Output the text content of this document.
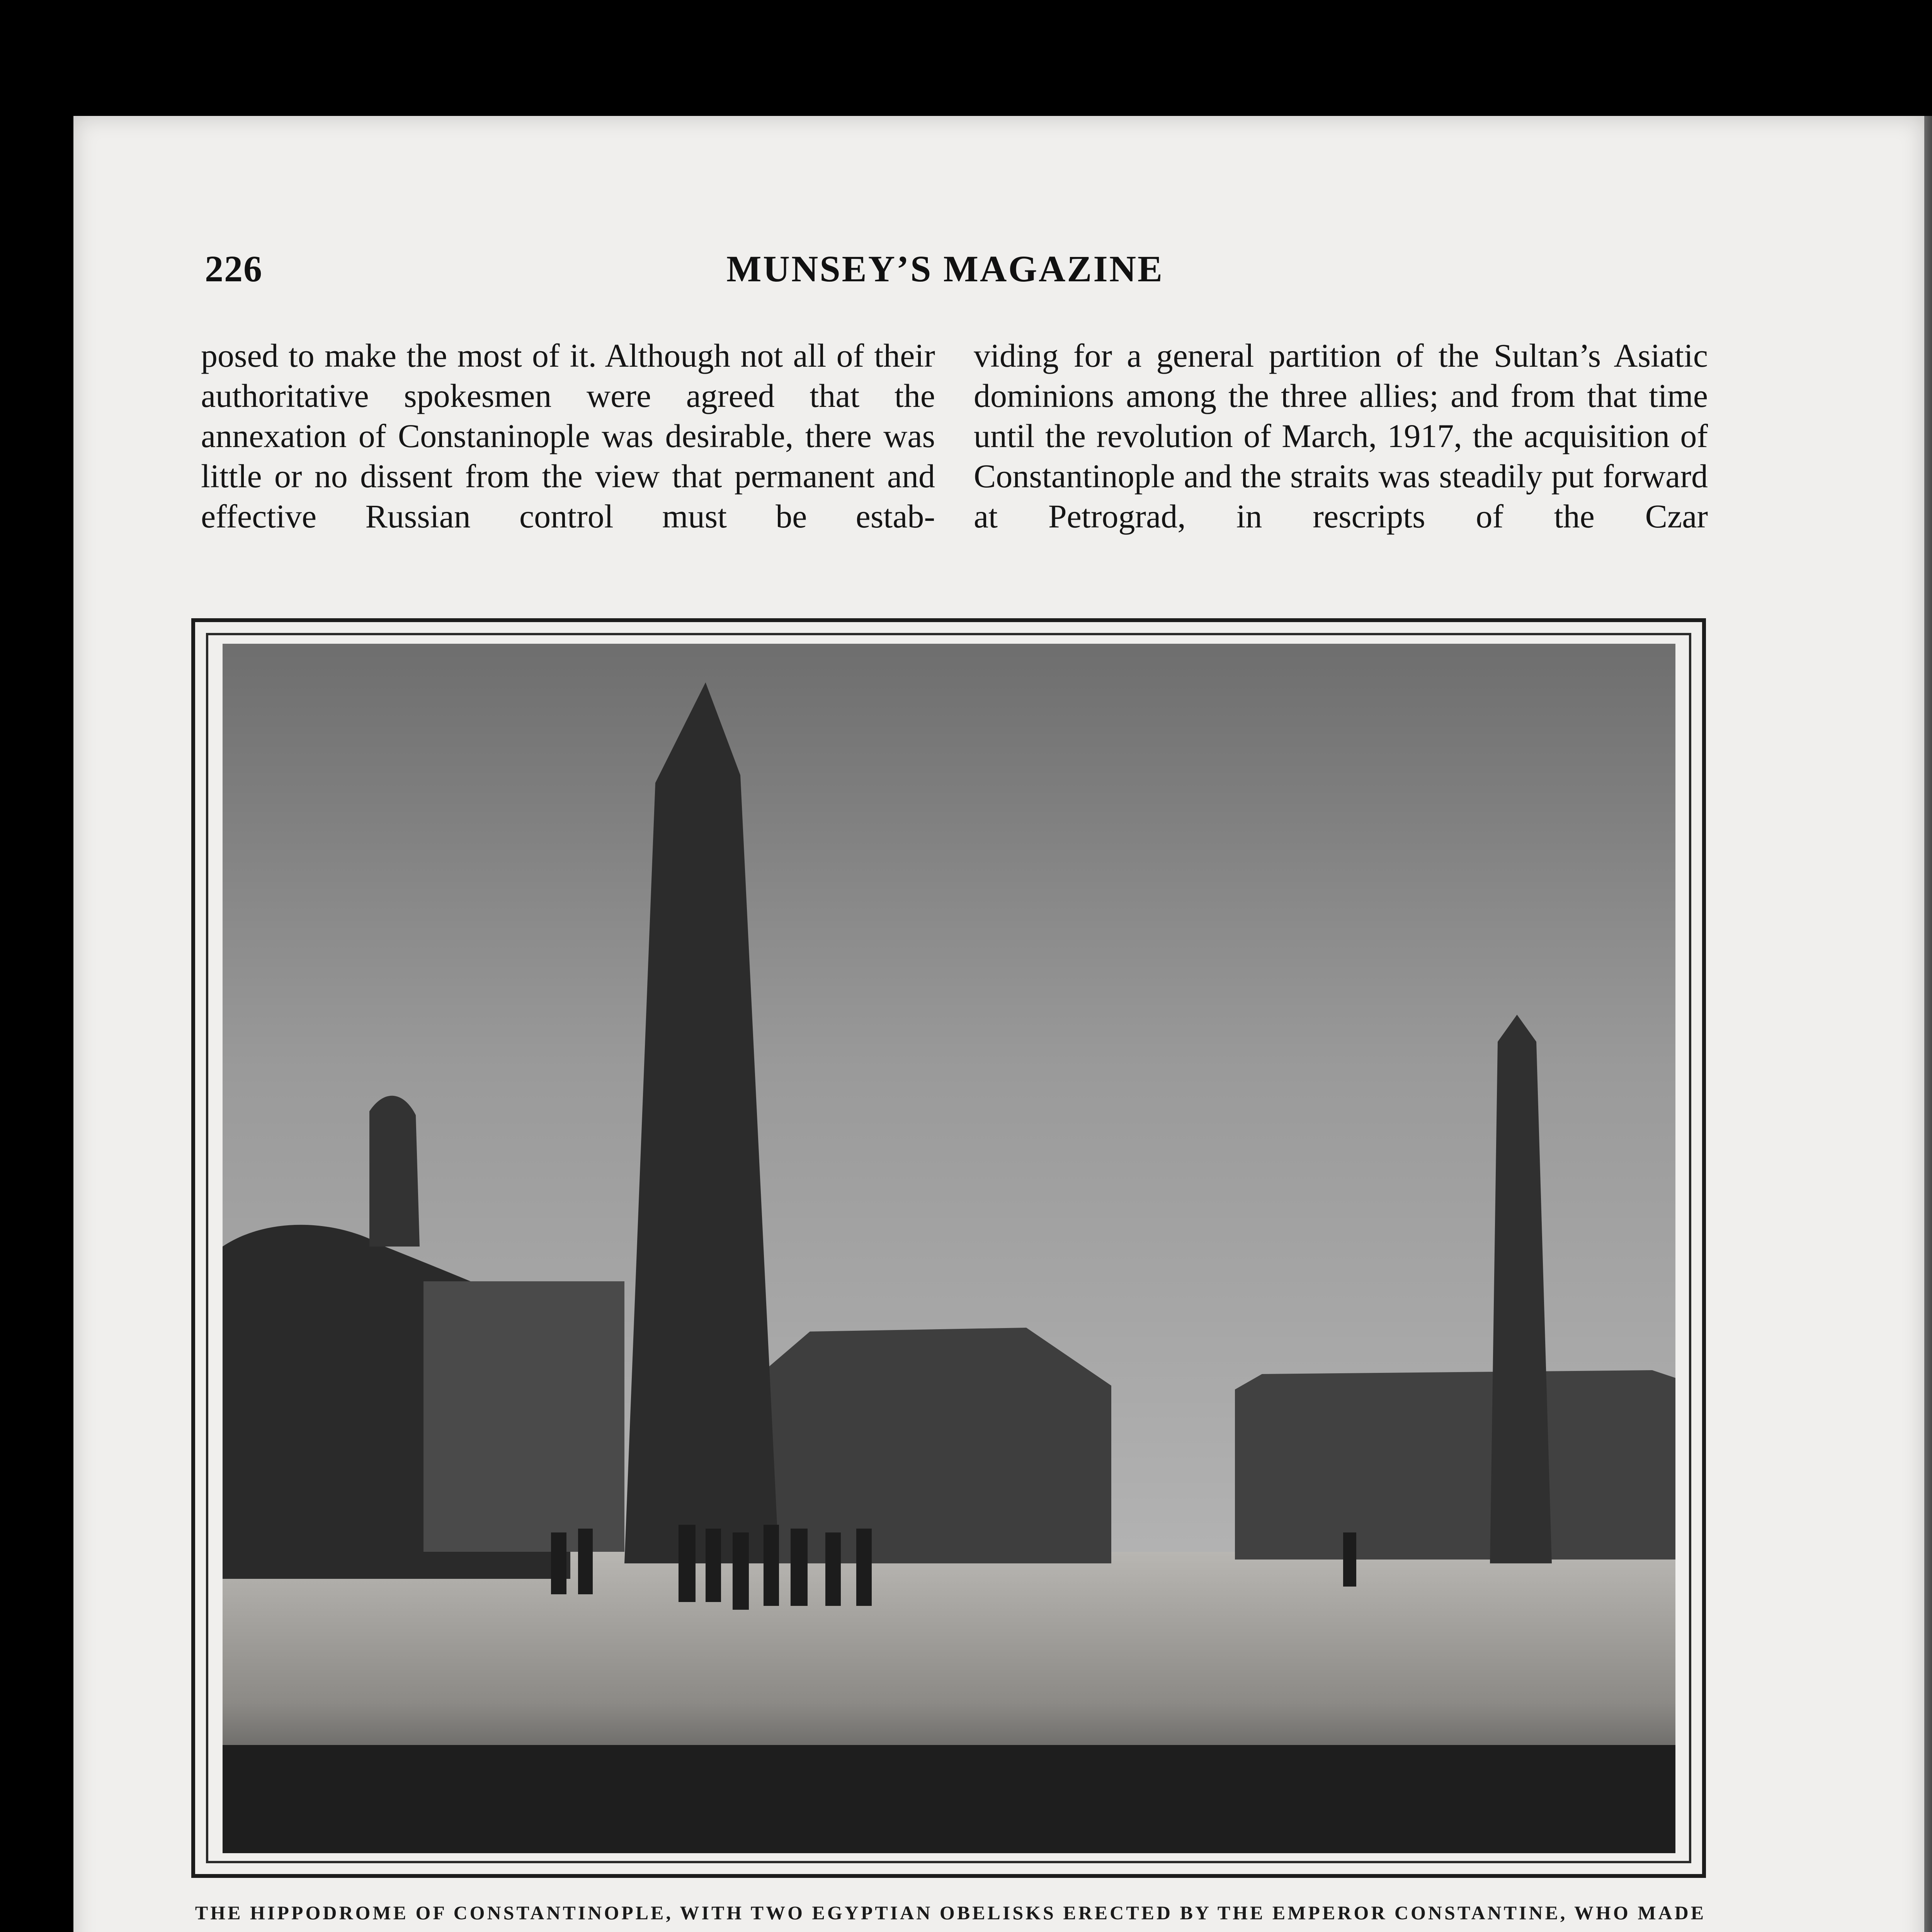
226	MUNSEY’S MAGAZINE

posed to make the most of it. Although not all of their authoritative spokesmen were agreed that the annexation of Constaninople was desirable, there was little or no dissent from the view that permanent and effective Russian control must be estab-

viding for a general partition of the Sultan’s Asiatic dominions among the three allies; and from that time until the revolution of March, 1917, the acquisition of Constantinople and the straits was steadily put forward at Petrograd, in rescripts of the Czar

THE HIPPODROME OF CONSTANTINOPLE, WITH TWO EGYPTIAN OBELISKS ERECTED BY THE EMPEROR CONSTANTINE, WHO MADE
